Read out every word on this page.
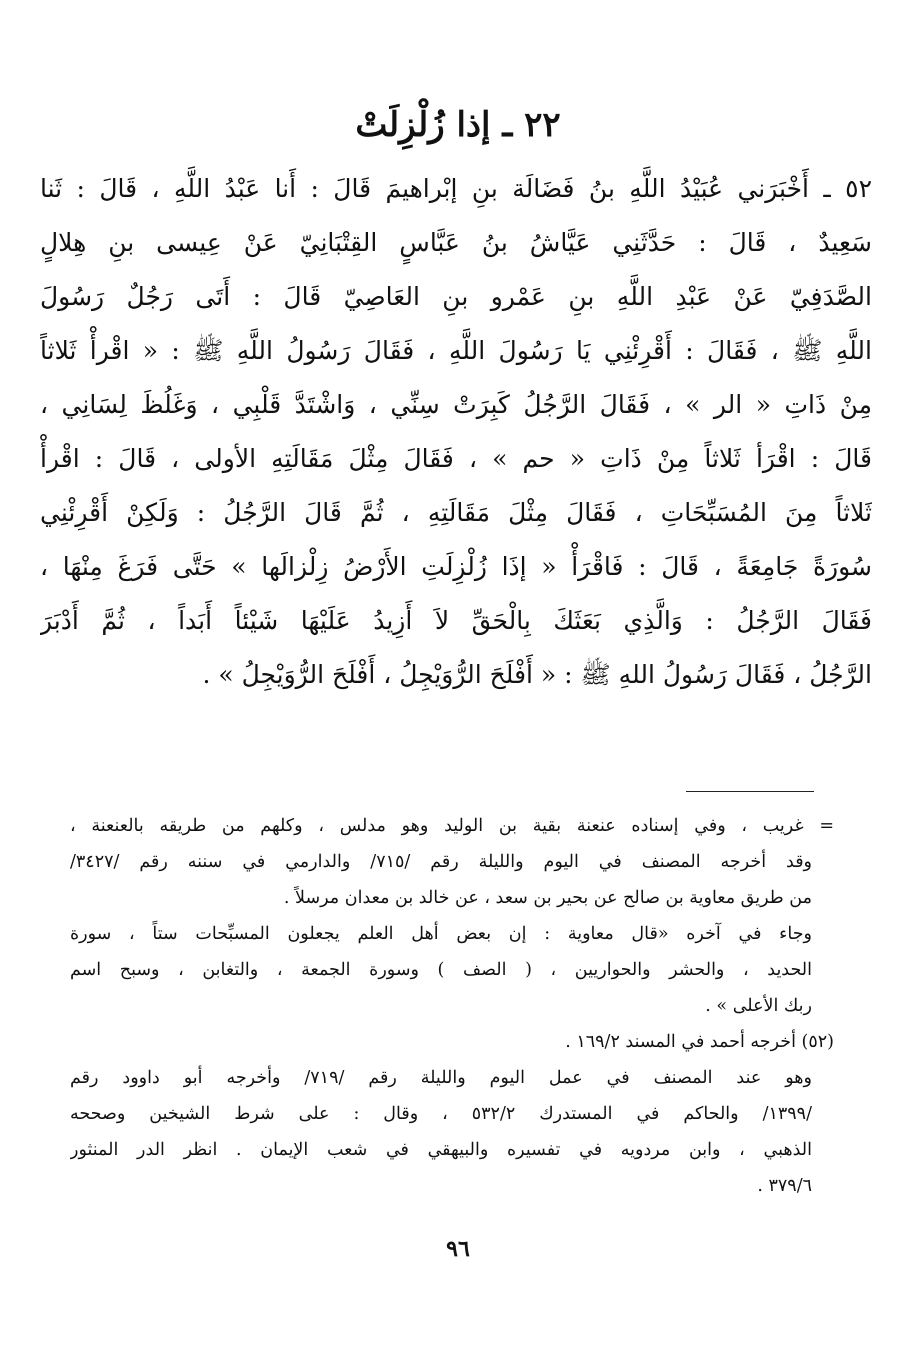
٢٢ ـ إذا زُلْزِلَتْ
٥٢ ـ أَخْبَرَني عُبَيْدُ اللَّهِ بنُ فَضَالَة بنِ إبْراهيمَ قَالَ : أَنا عَبْدُ اللَّهِ ، قَالَ : ثَنا
سَعِيدٌ ، قَالَ : حَدَّثَنِي عَيَّاشُ بنُ عَبَّاسٍ القِتْبَانِيّ عَنْ عِيسى بنِ هِلالٍ
الصَّدَفِيّ عَنْ عَبْدِ اللَّهِ بنِ عَمْرو بنِ العَاصِيّ قَالَ : أَتَى رَجُلٌ رَسُولَ
اللَّهِ ﷺ ، فَقَالَ : أَقْرِئْنِي يَا رَسُولَ اللَّهِ ، فَقَالَ رَسُولُ اللَّهِ ﷺ : « اقْرأْ ثَلاثاً
مِنْ ذَاتِ « الر » ، فَقَالَ الرَّجُلُ كَبِرَتْ سِنِّي ، وَاشْتَدَّ قَلْبِي ، وَغَلُظَ لِسَانِي ،
قَالَ : اقْرَأ ثَلاثاً مِنْ ذَاتِ « حم » ، فَقَالَ مِثْلَ مَقَالَتِهِ الأولى ، قَالَ : اقْرأْ
ثَلاثاً مِنَ المُسَبِّحَاتِ ، فَقَالَ مِثْلَ مَقَالَتِهِ ، ثُمَّ قَالَ الرَّجُلُ : وَلَكِنْ أَقْرِئْنِي
سُورَةً جَامِعَةً ، قَالَ : فَاقْرَأْ « إذَا زُلْزِلَتِ الأَرْضُ زِلْزالَها » حَتَّى فَرَغَ مِنْهَا ،
فَقَالَ الرَّجُلُ : وَالَّذِي بَعَثَكَ بِالْحَقِّ لاَ أَزِيدُ عَلَيْهَا شَيْئاً أَبَداً ، ثُمَّ أَدْبَرَ
الرَّجُلُ ، فَقَالَ رَسُولُ اللهِ ﷺ : « أَفْلَحَ الرُّوَيْجِلُ ، أَفْلَحَ الرُّوَيْجِلُ » .
= غريب ، وفي إسناده عنعنة بقية بن الوليد وهو مدلس ، وكلهم من طريقه بالعنعنة ،
وقد أخرجه المصنف في اليوم والليلة رقم /٧١٥/ والدارمي في سننه رقم /٣٤٢٧/
من طريق معاوية بن صالح عن بحير بن سعد ، عن خالد بن معدان مرسلاً .
وجاء في آخره «قال معاوية : إن بعض أهل العلم يجعلون المسبِّحات ستاً ، سورة
الحديد ، والحشر والحواريين ، ( الصف ) وسورة الجمعة ، والتغابن ، وسبح اسم
ربك الأعلى » .
(٥٢) أخرجه أحمد في المسند ١٦٩/٢ .
وهو عند المصنف في عمل اليوم والليلة رقم /٧١٩/ وأخرجه أبو داوود رقم
/١٣٩٩/ والحاكم في المستدرك ٥٣٢/٢ ، وقال : على شرط الشيخين وصححه
الذهبي ، وابن مردويه في تفسيره والبيهقي في شعب الإيمان . انظر الدر المنثور
٣٧٩/٦ .
٩٦
